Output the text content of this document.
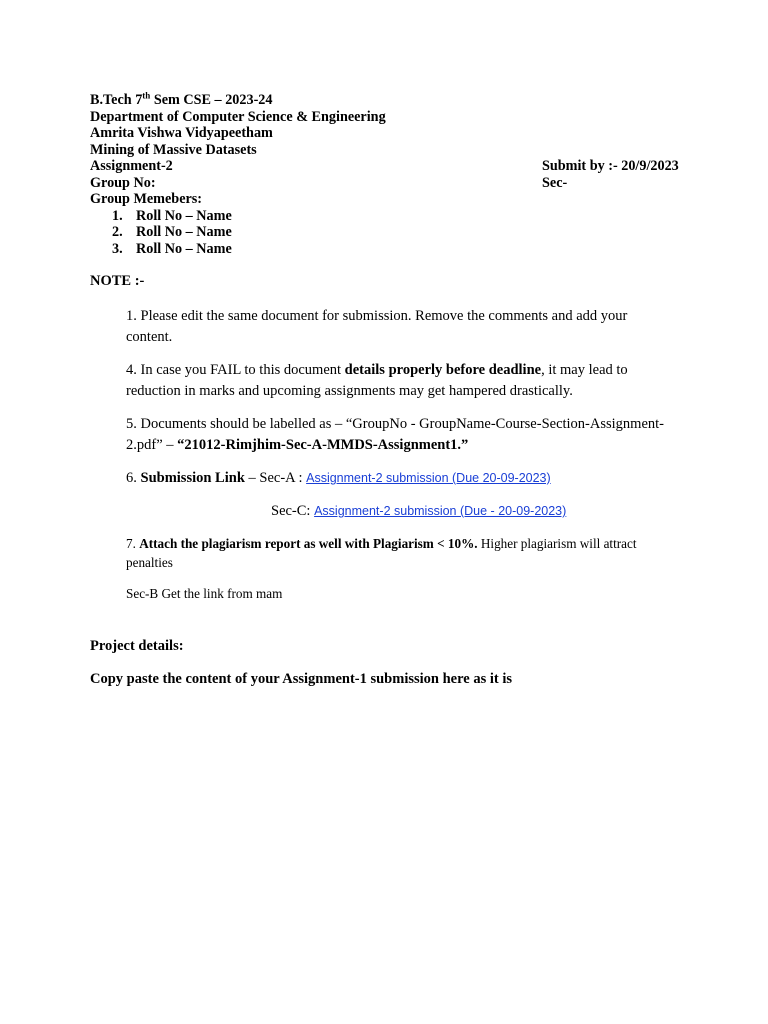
B.Tech 7th Sem CSE – 2023-24
Department of Computer Science & Engineering
Amrita Vishwa Vidyapeetham
Mining of Massive Datasets
Assignment-2	Submit by :- 20/9/2023
Group No:	Sec-
Group Memebers:
1. Roll No – Name
2. Roll No – Name
3. Roll No – Name
NOTE :-

1. Please edit the same document for submission. Remove the comments and add your content.

4. In case you FAIL to this document details properly before deadline, it may lead to reduction in marks and upcoming assignments may get hampered drastically.

5. Documents should be labelled as – “GroupNo - GroupName-Course-Section-Assignment-2.pdf” – “21012-Rimjhim-Sec-A-MMDS-Assignment1.”

6. Submission Link – Sec-A : Assignment-2 submission (Due 20-09-2023)

Sec-C: Assignment-2 submission (Due - 20-09-2023)

7. Attach the plagiarism report as well with Plagiarism < 10%. Higher plagiarism will attract penalties

Sec-B Get the link from mam

Project details:
Copy paste the content of your Assignment-1 submission here as it is
